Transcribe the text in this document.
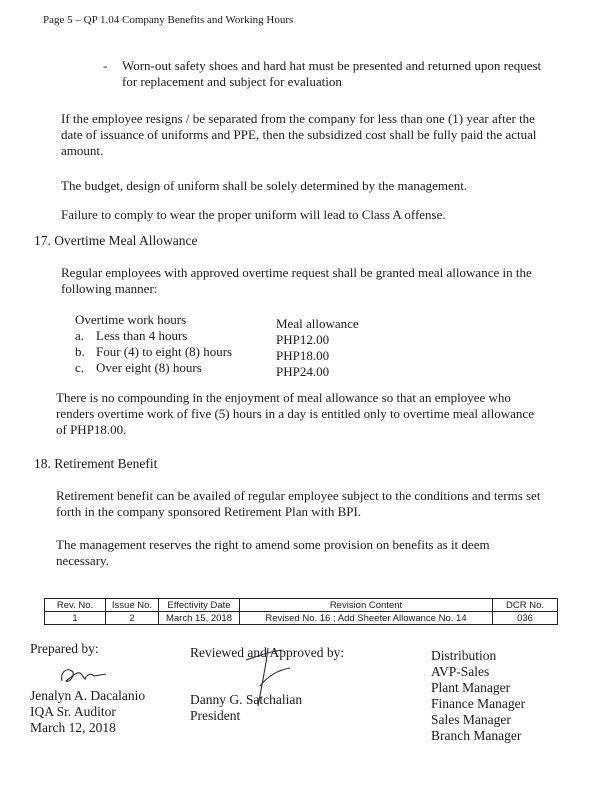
Page 5 – QP 1.04 Company Benefits and Working Hours
- Worn-out safety shoes and hard hat must be presented and returned upon request
for replacement and subject for evaluation
If the employee resigns / be separated from the company for less than one (1) year after the
date of issuance of uniforms and PPE, then the subsidized cost shall be fully paid the actual
amount.
The budget, design of uniform shall be solely determined by the management.
Failure to comply to wear the proper uniform will lead to Class A offense.
17. Overtime Meal Allowance
Regular employees with approved overtime request shall be granted meal allowance in the
following manner:
Overtime work hours	Meal allowance
a. Less than 4 hours	PHP12.00
b. Four (4) to eight (8) hours	PHP18.00
c. Over eight (8) hours	PHP24.00
There is no compounding in the enjoyment of meal allowance so that an employee who
renders overtime work of five (5) hours in a day is entitled only to overtime meal allowance
of PHP18.00.
18. Retirement Benefit
Retirement benefit can be availed of regular employee subject to the conditions and terms set
forth in the company sponsored Retirement Plan with BPI.
The management reserves the right to amend some provision on benefits as it deem
necessary.
Rev. No.	Issue No.	Effectivity Date	Revision Content	DCR No.
1	2	March 15, 2018	Revised No. 16 ; Add Sheeter Allowance No. 14	036
Prepared by:
Jenalyn A. Dacalanio
IQA Sr. Auditor
March 12, 2018
Reviewed and Approved by:
Danny G. Satchalian
President
Distribution
AVP-Sales
Plant Manager
Finance Manager
Sales Manager
Branch Manager
